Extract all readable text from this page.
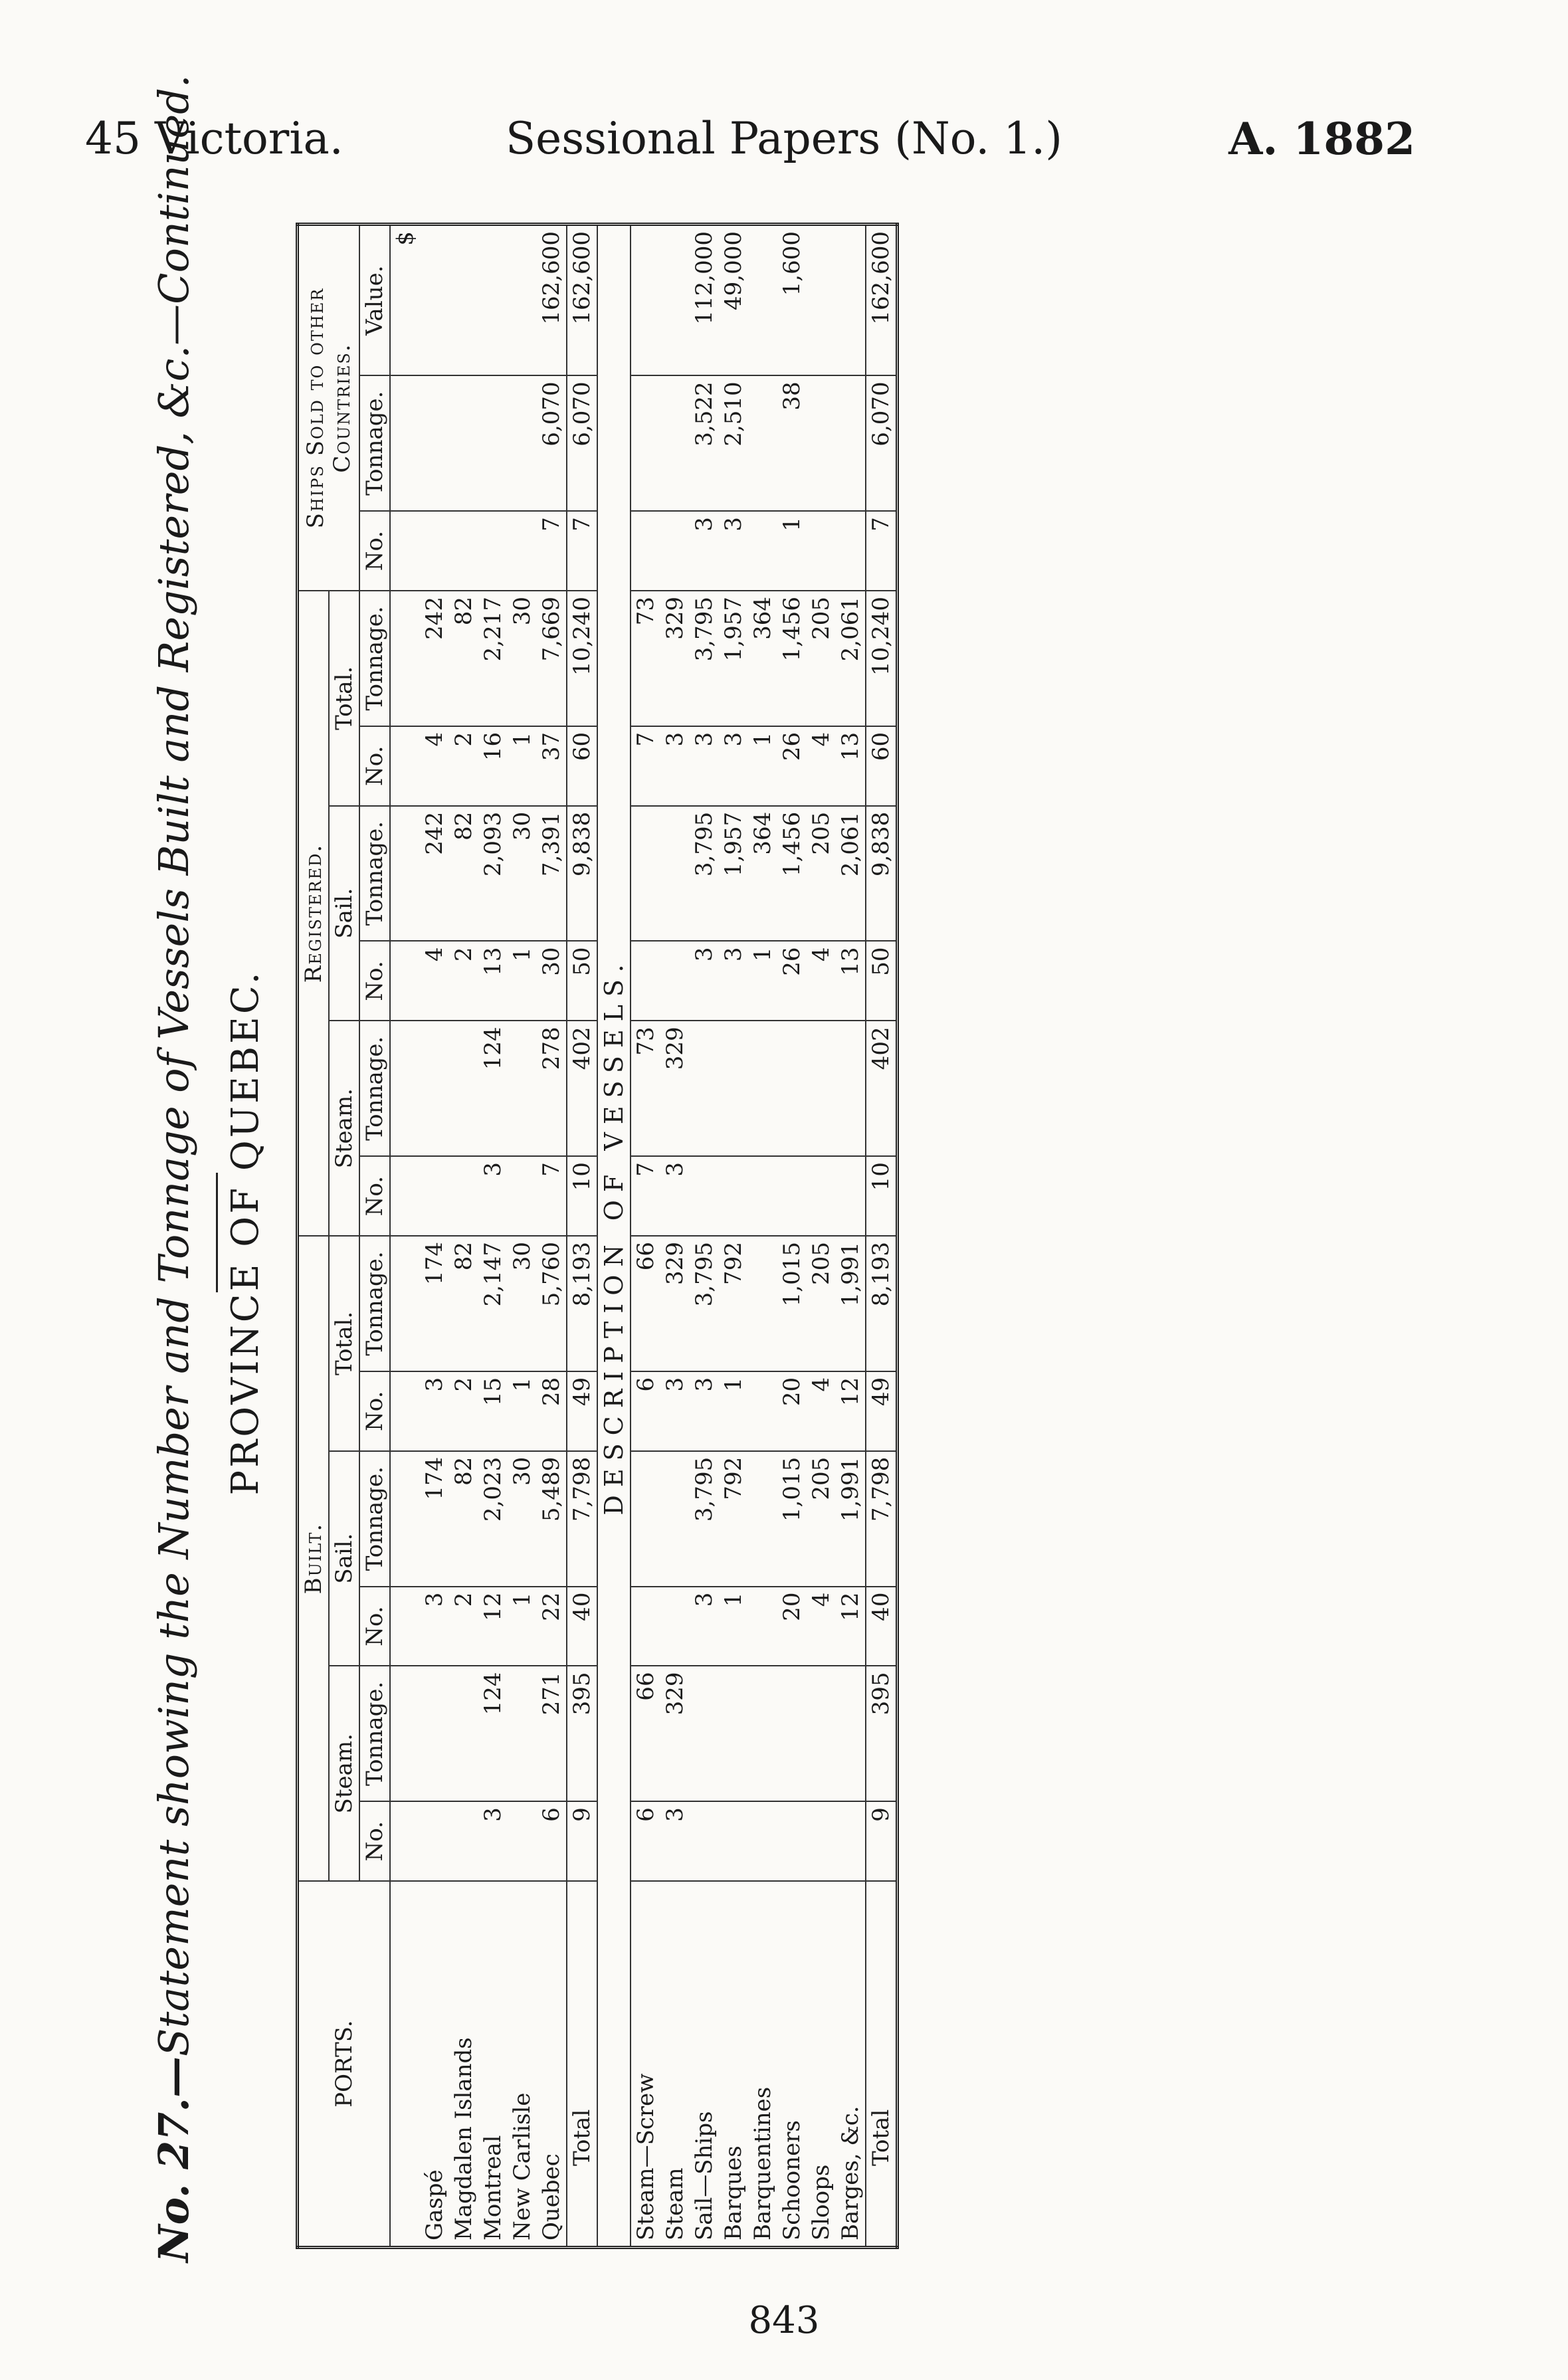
45 Victoria.	Sessional Papers (No. 1.)	A. 1882
No. 27.—Statement showing the Number and Tonnage of Vessels Built and Registered, &c.—Continued. PROVINCE OF QUEBEC.
PORTS.	Built.						Registered.						Ships Sold to other Countries.		
	Steam.		Sail.		Total.		Steam.		Sail.		Total.				
	No.	Tonnage.	No.	Tonnage.	No.	Tonnage.	No.	Tonnage.	No.	Tonnage.	No.	Tonnage.	No.	Tonnage.	Value.
															$
Gaspé			3	174	3	174			4	242	4	242			
Magdalen Islands			2	82	2	82			2	82	2	82			
Montreal	3	124	12	2,023	15	2,147	3	124	13	2,093	16	2,217			
New Carlisle			1	30	1	30			1	30	1	30			
Quebec	6	271	22	5,489	28	5,760	7	278	30	7,391	37	7,669	7	6,070	162,600
Total	9	395	40	7,798	49	8,193	10	402	50	9,838	60	10,240	7	6,070	162,600
DESCRIPTION OF VESSELS.															
Steam—Screw	6	66			6	66	7	73			7	73			
Steam	3	329			3	329	3	329			3	329			
Sail—Ships			3	3,795	3	3,795			3	3,795	3	3,795	3	3,522	112,000
Barques			1	792	1	792			3	1,957	3	1,957	3	2,510	49,000
Barquentines									1	364	1	364			
Schooners			20	1,015	20	1,015			26	1,456	26	1,456	1	38	1,600
Sloops			4	205	4	205			4	205	4	205			
Barges, &c.			12	1,991	12	1,991			13	2,061	13	2,061			
Total	9	395	40	7,798	49	8,193	10	402	50	9,838	60	10,240	7	6,070	162,600
843
